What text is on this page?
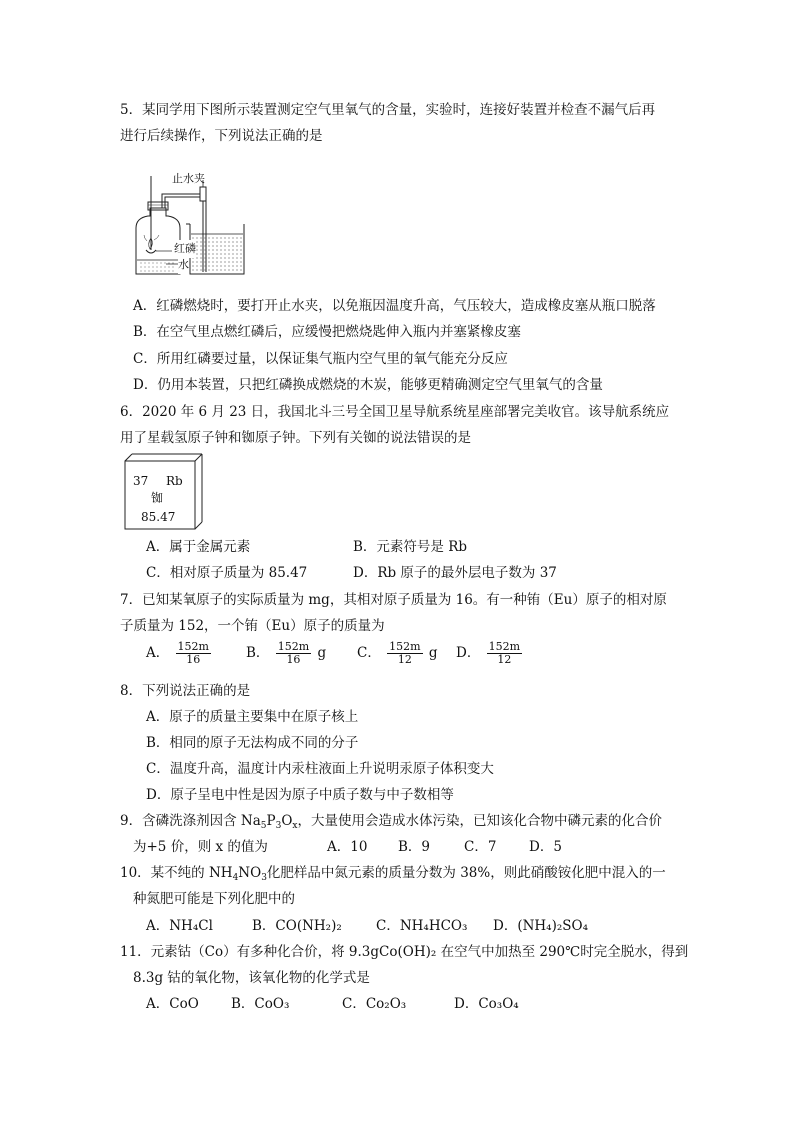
5．某同学用下图所示装置测定空气里氧气的含量，实验时，连接好装置并检查不漏气后再
进行后续操作，下列说法正确的是
止水夹
红磷
水
A．红磷燃烧时，要打开止水夹，以免瓶因温度升高，气压较大，造成橡皮塞从瓶口脱落
B．在空气里点燃红磷后，应缓慢把燃烧匙伸入瓶内并塞紧橡皮塞
C．所用红磷要过量，以保证集气瓶内空气里的氧气能充分反应
D．仍用本装置，只把红磷换成燃烧的木炭，能够更精确测定空气里氧气的含量
6．2020 年 6 月 23 日，我国北斗三号全国卫星导航系统星座部署完美收官。该导航系统应
用了星载氢原子钟和铷原子钟。下列有关铷的说法错误的是
37 Rb
铷
85.47
A．属于金属元素	B．元素符号是 Rb
C．相对原子质量为 85.47	D．Rb 原子的最外层电子数为 37
7．已知某氧原子的实际质量为 mg，其相对原子质量为 16。有一种铕（Eu）原子的相对原
子质量为 152，一个铕（Eu）原子的质量为
A． $\frac{152m}{16}$	B． $\frac{152m}{16}$ g C． $\frac{152m}{12}$ g D． $\frac{152m}{12}$
8．下列说法正确的是
A．原子的质量主要集中在原子核上
B．相同的原子无法构成不同的分子
C．温度升高，温度计内汞柱液面上升说明汞原子体积变大
D．原子呈电中性是因为原子中质子数与中子数相等
9．含磷洗涤剂因含 $Na_5P_3O_x$，大量使用会造成水体污染，已知该化合物中磷元素的化合价
为+5 价，则 x 的值为	A．10 B．9	C．7 D．5
10．某不纯的 $NH_4NO_3$化肥样品中氮元素的质量分数为 38%，则此硝酸铵化肥中混入的一
种氮肥可能是下列化肥中的
A．NH₄Cl	B．CO(NH₂)₂	C．NH₄HCO₃ D．(NH₄)₂SO₄
11．元素钴（Co）有多种化合价，将 9.3gCo(OH)₂ 在空气中加热至 290℃时完全脱水，得到
8.3g 钴的氧化物，该氧化物的化学式是
A．CoO B．CoO₃	C．Co₂O₃	D．Co₃O₄
